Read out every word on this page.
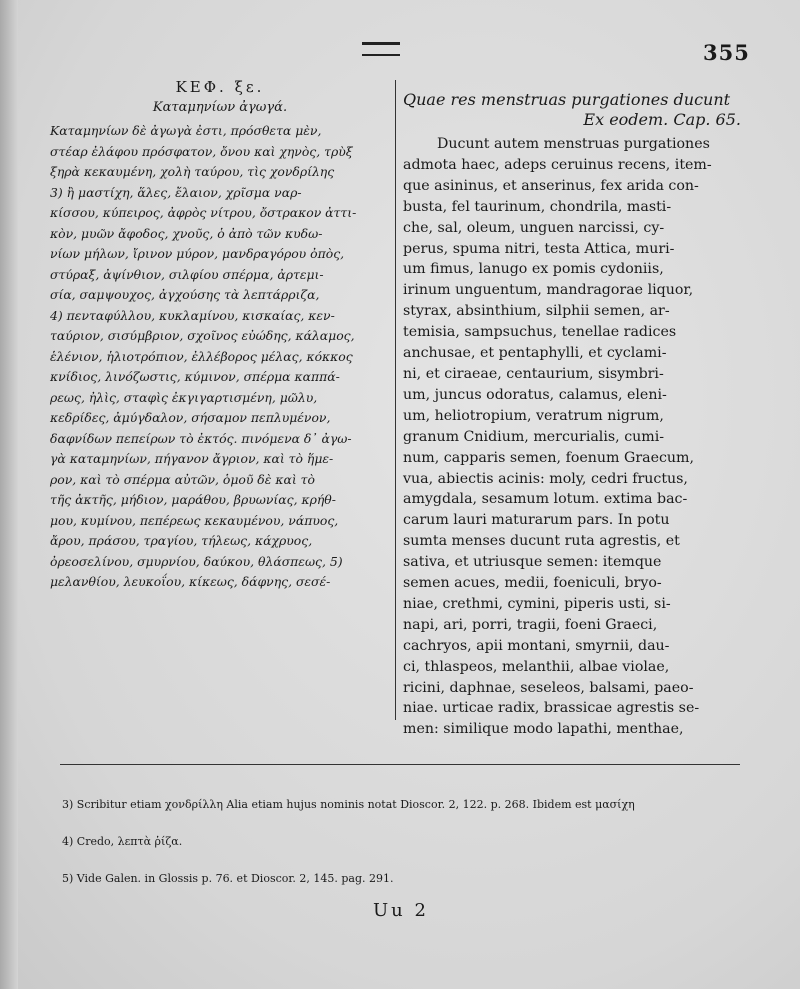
355
ΚΕΦ. ξε.
Καταμηνίων ἀγωγά.
Καταμηνίων δὲ ἀγωγὰ ἐστι, πρόσθετα μὲν,
στέαρ ἐλάφου πρόσφατον, ὄνου καὶ χηνὸς, τρὺξ
ξηρὰ κεκαυμένη, χολὴ ταύρου, τὶς χονδρίλης
3) ἢ μαστίχη, ἅλες, ἔλαιον, χρῖσμα ναρ-
κίσσου, κύπειρος, ἀφρὸς νίτρου, ὄστρακον ἀττι-
κὸν, μυῶν ἄφοδος, χνοῦς, ὁ ἀπὸ τῶν κυδω-
νίων μήλων, ἴρινον μύρον, μανδραγόρου ὀπὸς,
στύραξ, ἀψίνθιον, σιλφίου σπέρμα, ἀρτεμι-
σία, σαμψουχος, ἀγχούσης τὰ λεπτάρριζα,
4) πενταφύλλου, κυκλαμίνου, κισκαίας, κεν-
ταύριον, σισύμβριον, σχοῖνος εὐώδης, κάλαμος,
ἑλένιον, ἡλιοτρόπιον, ἐλλέβορος μέλας, κόκκος
κνίδιος, λινόζωστις, κύμινον, σπέρμα καππά-
ρεως, ἠλὶς, σταφὶς ἐκγιγαρτισμένη, μῶλυ,
κεδρίδες, ἀμύγδαλον, σήσαμον πεπλυμένον,
δαφνίδων πεπείρων τὸ ἐκτός. πινόμενα δ᾽ ἀγω-
γὰ καταμηνίων, πήγανον ἄγριον, καὶ τὸ ἥμε-
ρον, καὶ τὸ σπέρμα αὐτῶν, ὁμοῦ δὲ καὶ τὸ
τῆς ἀκτῆς, μήδιον, μαράθου, βρυωνίας, κρήθ-
μου, κυμίνου, πεπέρεως κεκαυμένου, νάπυος,
ἄρου, πράσου, τραγίου, τήλεως, κάχρυος,
ὀρεοσελίνου, σμυρνίου, δαύκου, θλάσπεως, 5)
μελανθίου, λευκοΐου, κίκεως, δάφνης, σεσέ-
Quae res menstruas purgationes ducunt
Ex eodem. Cap. 65.
Ducunt autem menstruas purgationes
admota haec, adeps ceruinus recens, item-
que asininus, et anserinus, fex arida con-
busta, fel taurinum, chondrila, masti-
che, sal, oleum, unguen narcissi, cy-
perus, spuma nitri, testa Attica, muri-
um fimus, lanugo ex pomis cydoniis,
irinum unguentum, mandragorae liquor,
styrax, absinthium, silphii semen, ar-
temisia, sampsuchus, tenellae radices
anchusae, et pentaphylli, et cyclami-
ni, et ciraeae, centaurium, sisymbri-
um, juncus odoratus, calamus, eleni-
um, heliotropium, veratrum nigrum,
granum Cnidium, mercurialis, cumi-
num, capparis semen, foenum Graecum,
vua, abiectis acinis: moly, cedri fructus,
amygdala, sesamum lotum. extima bac-
carum lauri maturarum pars. In potu
sumta menses ducunt ruta agrestis, et
sativa, et utriusque semen: itemque
semen acues, medii, foeniculi, bryo-
niae, crethmi, cymini, piperis usti, si-
napi, ari, porri, tragii, foeni Graeci,
cachryos, apii montani, smyrnii, dau-
ci, thlaspeos, melanthii, albae violae,
ricini, daphnae, seseleos, balsami, paeo-
niae. urticae radix, brassicae agrestis se-
men: similique modo lapathi, menthae,
3) Scribitur etiam χονδρίλλη Alia etiam hujus nominis notat Dioscor. 2, 122. p. 268. Ibidem est μασίχη
4) Credo, λεπτὰ ῥίζα.
5) Vide Galen. in Glossis p. 76. et Dioscor. 2, 145. pag. 291.
Uu 2
